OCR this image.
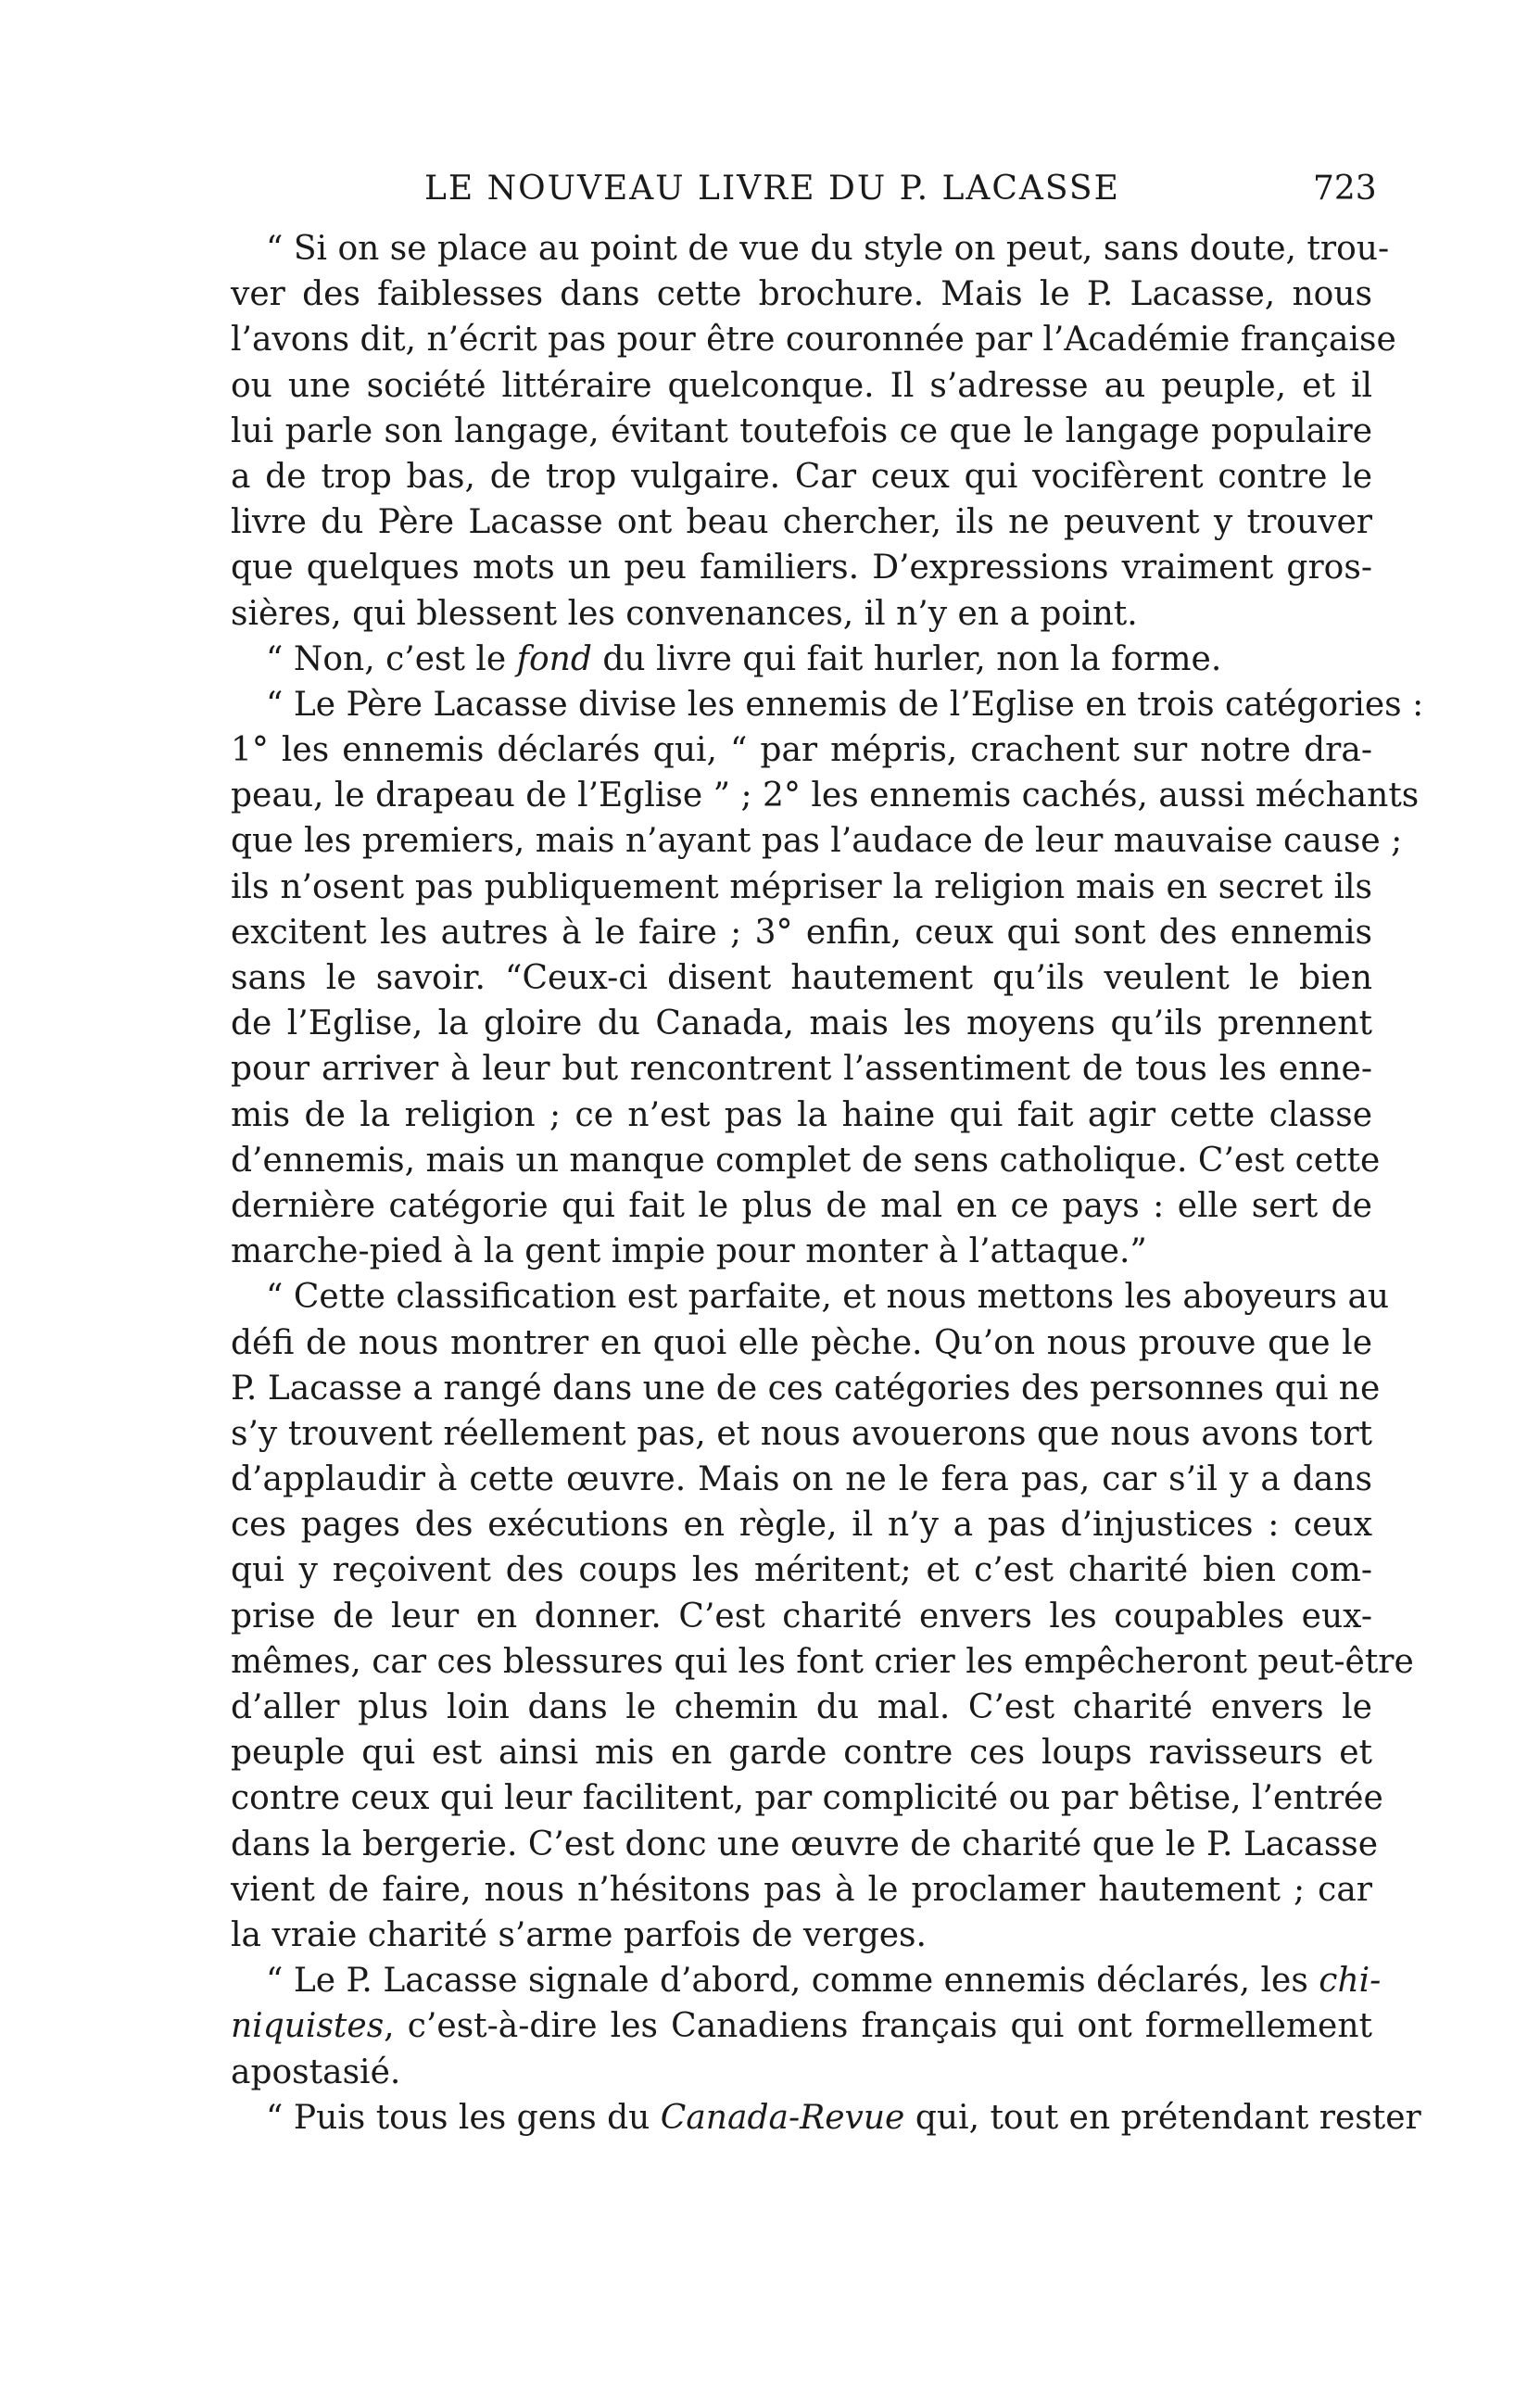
LE NOUVEAU LIVRE DU P. LACASSE	723
“ Si on se place au point de vue du style on peut, sans doute, trou-
ver des faiblesses dans cette brochure. Mais le P. Lacasse, nous
l’avons dit, n’écrit pas pour être couronnée par l’Académie française
ou une société littéraire quelconque. Il s’adresse au peuple, et il
lui parle son langage, évitant toutefois ce que le langage populaire
a de trop bas, de trop vulgaire. Car ceux qui vocifèrent contre le
livre du Père Lacasse ont beau chercher, ils ne peuvent y trouver
que quelques mots un peu familiers. D’expressions vraiment gros-
sières, qui blessent les convenances, il n’y en a point.
“ Non, c’est le fond du livre qui fait hurler, non la forme.
“ Le Père Lacasse divise les ennemis de l’Eglise en trois catégories :
1° les ennemis déclarés qui, “ par mépris, crachent sur notre dra-
peau, le drapeau de l’Eglise ” ; 2° les ennemis cachés, aussi méchants
que les premiers, mais n’ayant pas l’audace de leur mauvaise cause ;
ils n’osent pas publiquement mépriser la religion mais en secret ils
excitent les autres à le faire ; 3° enfin, ceux qui sont des ennemis
sans le savoir. “Ceux-ci disent hautement qu’ils veulent le bien
de l’Eglise, la gloire du Canada, mais les moyens qu’ils prennent
pour arriver à leur but rencontrent l’assentiment de tous les enne-
mis de la religion ; ce n’est pas la haine qui fait agir cette classe
d’ennemis, mais un manque complet de sens catholique. C’est cette
dernière catégorie qui fait le plus de mal en ce pays : elle sert de
marche-pied à la gent impie pour monter à l’attaque.”
“ Cette classification est parfaite, et nous mettons les aboyeurs au
défi de nous montrer en quoi elle pèche. Qu’on nous prouve que le
P. Lacasse a rangé dans une de ces catégories des personnes qui ne
s’y trouvent réellement pas, et nous avouerons que nous avons tort
d’applaudir à cette œuvre. Mais on ne le fera pas, car s’il y a dans
ces pages des exécutions en règle, il n’y a pas d’injustices : ceux
qui y reçoivent des coups les méritent; et c’est charité bien com-
prise de leur en donner. C’est charité envers les coupables eux-
mêmes, car ces blessures qui les font crier les empêcheront peut-être
d’aller plus loin dans le chemin du mal. C’est charité envers le
peuple qui est ainsi mis en garde contre ces loups ravisseurs et
contre ceux qui leur facilitent, par complicité ou par bêtise, l’entrée
dans la bergerie. C’est donc une œuvre de charité que le P. Lacasse
vient de faire, nous n’hésitons pas à le proclamer hautement ; car
la vraie charité s’arme parfois de verges.
“ Le P. Lacasse signale d’abord, comme ennemis déclarés, les chi-
niquistes, c’est-à-dire les Canadiens français qui ont formellement
apostasié.
“ Puis tous les gens du Canada-Revue qui, tout en prétendant rester
